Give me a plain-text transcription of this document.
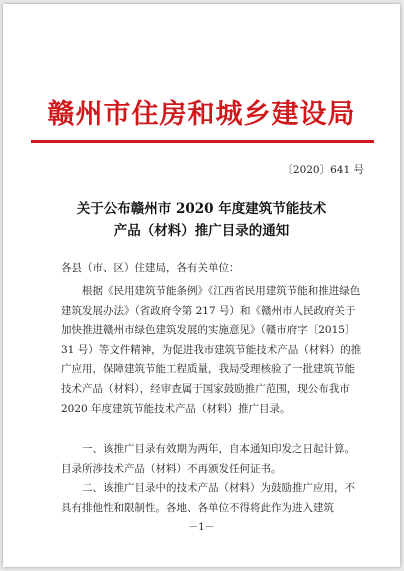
赣州市住房和城乡建设局
〔2020〕641 号
关于公布赣州市 2020 年度建筑节能技术
产品（材料）推广目录的通知
各县（市、区）住建局，各有关单位：

根据《民用建筑节能条例》《江西省民用建筑节能和推进绿色建筑发展办法》（省政府令第 217 号）和《赣州市人民政府关于加快推进赣州市绿色建筑发展的实施意见》（赣市府字〔2015〕31 号）等文件精神，为促进我市建筑节能技术产品（材料）的推广应用，保障建筑节能工程质量，我局受理核验了一批建筑节能技术产品（材料），经审查属于国家鼓励推广范围，现公布我市 2020 年度建筑节能技术产品（材料）推广目录。

一、该推广目录有效期为两年，自本通知印发之日起计算。目录所涉技术产品（材料）不再颁发任何证书。

二、该推广目录中的技术产品（材料）为鼓励推广应用，不具有排他性和限制性。各地、各单位不得将此作为进入建筑

－1－
